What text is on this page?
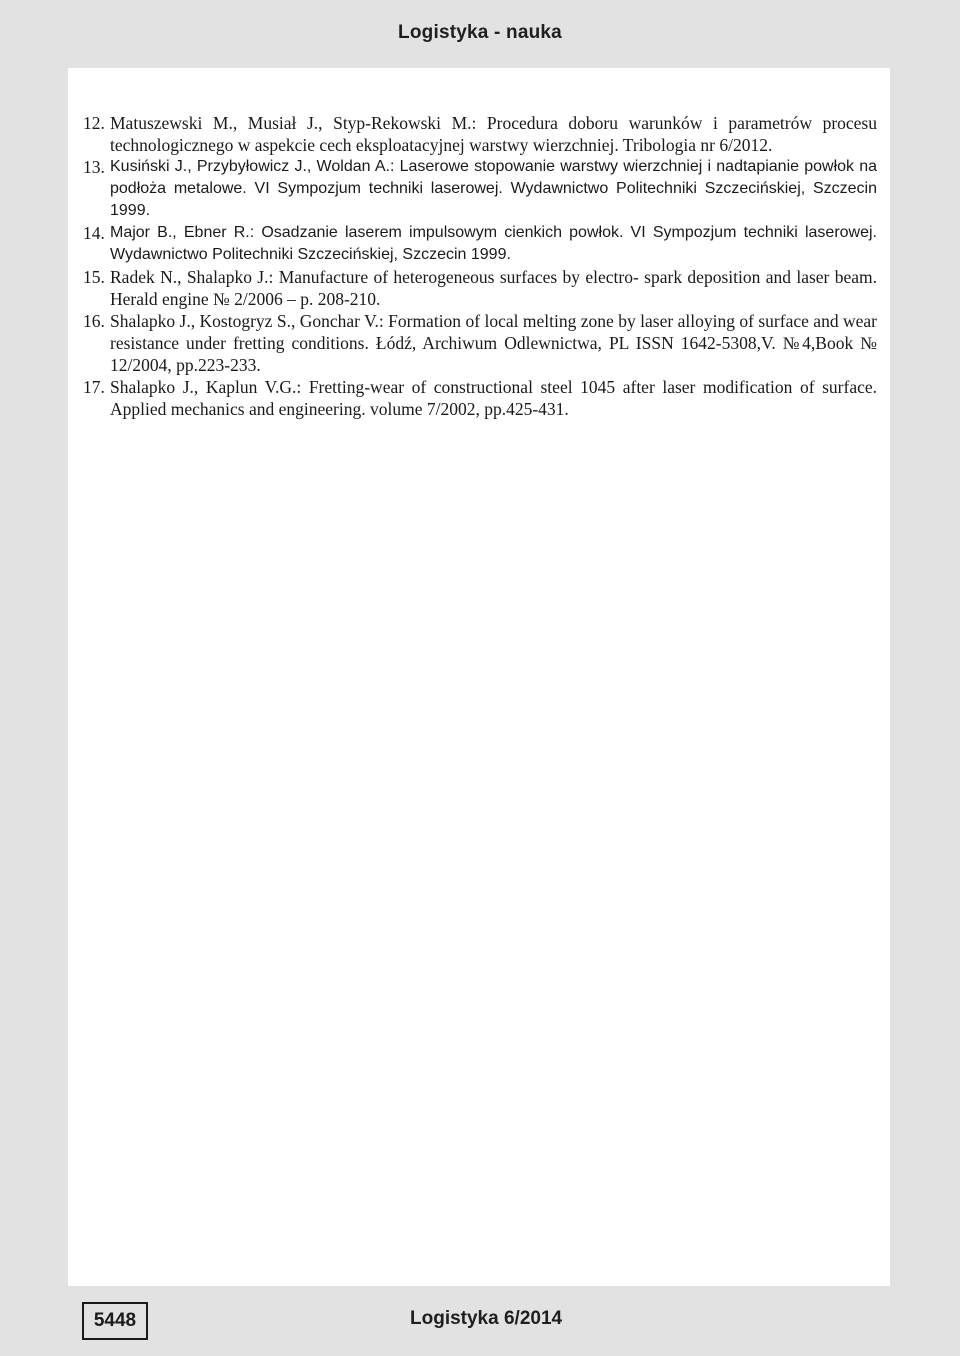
Logistyka - nauka
12. Matuszewski M., Musiał J., Styp-Rekowski M.: Procedura doboru warunków i parametrów procesu technologicznego w aspekcie cech eksploatacyjnej warstwy wierzchniej. Tribologia nr 6/2012.
13. Kusiński J., Przybyłowicz J., Woldan A.: Laserowe stopowanie warstwy wierzchniej i nadtapianie powłok na podłoża metalowe. VI Sympozjum techniki laserowej. Wydawnictwo Politechniki Szczecińskiej, Szczecin 1999.
14. Major B., Ebner R.: Osadzanie laserem impulsowym cienkich powłok. VI Sympozjum techniki laserowej. Wydawnictwo Politechniki Szczecińskiej, Szczecin 1999.
15. Radek N., Shalapko J.: Manufacture of heterogeneous surfaces by electro- spark deposition and laser beam. Herald engine № 2/2006 – p. 208-210.
16. Shalapko J., Kostogryz S., Gonchar V.: Formation of local melting zone by laser alloying of surface and wear resistance under fretting conditions. Łódź, Archiwum Odlewnictwa, PL ISSN 1642-5308,V. №4,Book № 12/2004, pp.223-233.
17. Shalapko J., Kaplun V.G.: Fretting-wear of constructional steel 1045 after laser modification of surface. Applied mechanics and engineering. volume 7/2002, pp.425-431.
5448	Logistyka 6/2014
